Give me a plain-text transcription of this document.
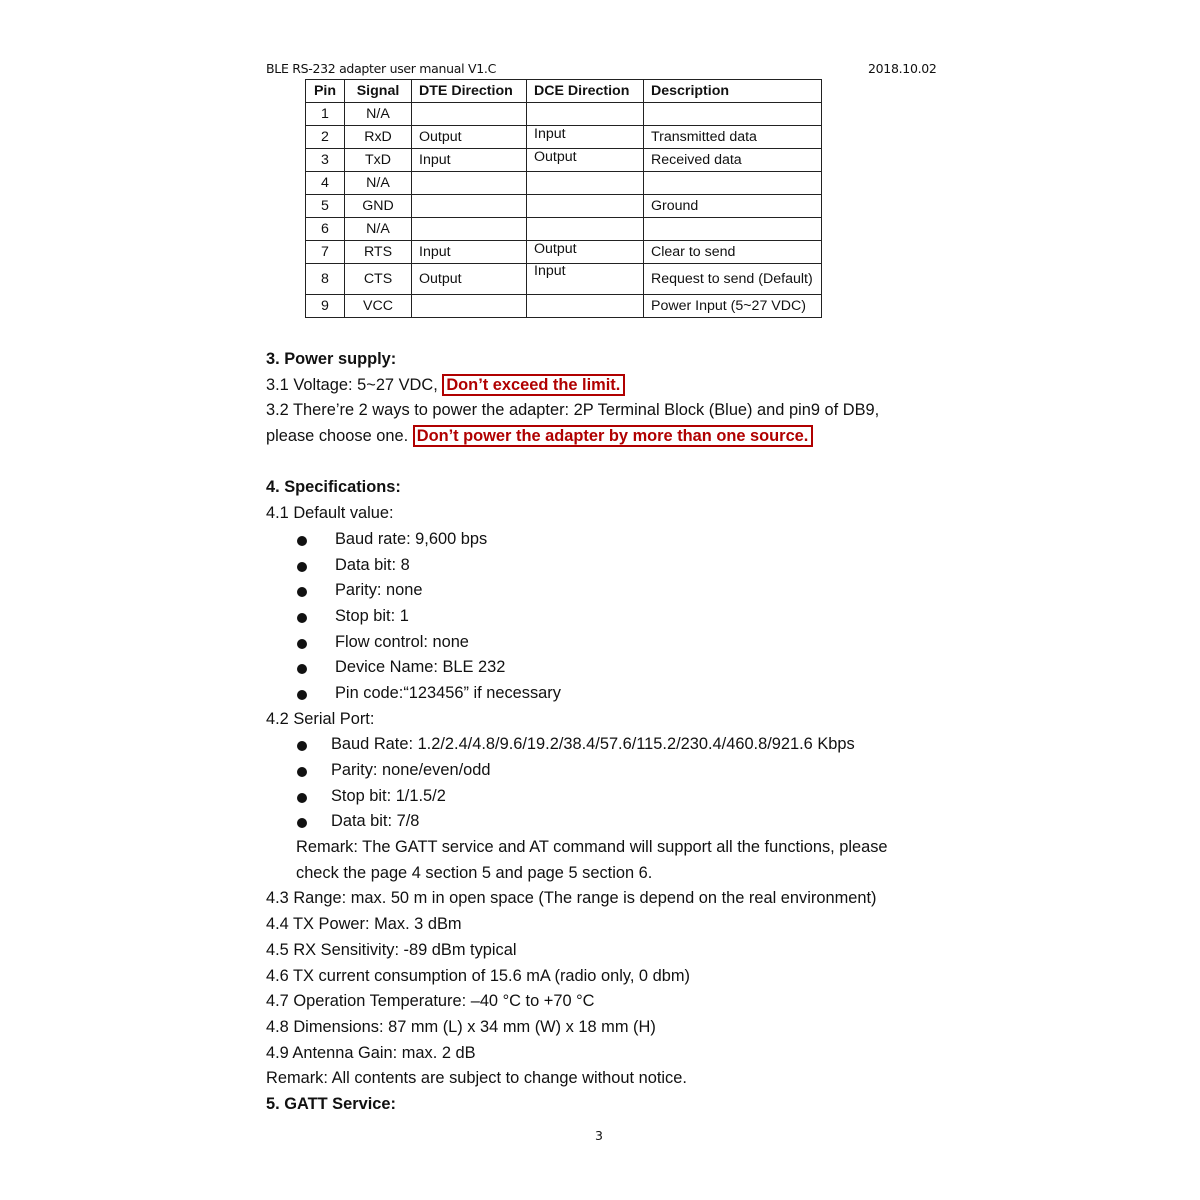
BLE RS-232 adapter user manual V1.C	2018.10.02
Pin	Signal	DTE Direction	DCE Direction	Description
1	N/A			
2	RxD	Output	Input	Transmitted data
3	TxD	Input	Output	Received data
4	N/A			
5	GND			Ground
6	N/A			
7	RTS	Input	Output	Clear to send
8	CTS	Output	Input	Request to send (Default)
9	VCC			Power Input (5~27 VDC)
3. Power supply:
3.1 Voltage: 5~27 VDC, Don’t exceed the limit.
3.2 There’re 2 ways to power the adapter: 2P Terminal Block (Blue) and pin9 of DB9,
please choose one. Don’t power the adapter by more than one source.
4. Specifications:
4.1 Default value:
Baud rate: 9,600 bps
Data bit: 8
Parity: none
Stop bit: 1
Flow control: none
Device Name: BLE 232
Pin code:“123456” if necessary
4.2 Serial Port:
Baud Rate: 1.2/2.4/4.8/9.6/19.2/38.4/57.6/115.2/230.4/460.8/921.6 Kbps
Parity: none/even/odd
Stop bit: 1/1.5/2
Data bit: 7/8
Remark: The GATT service and AT command will support all the functions, please
check the page 4 section 5 and page 5 section 6.
4.3 Range: max. 50 m in open space (The range is depend on the real environment)
4.4 TX Power: Max. 3 dBm
4.5 RX Sensitivity: -89 dBm typical
4.6 TX current consumption of 15.6 mA (radio only, 0 dbm)
4.7 Operation Temperature: –40 °C to +70 °C
4.8 Dimensions: 87 mm (L) x 34 mm (W) x 18 mm (H)
4.9 Antenna Gain: max. 2 dB
Remark: All contents are subject to change without notice.
5. GATT Service:
3
